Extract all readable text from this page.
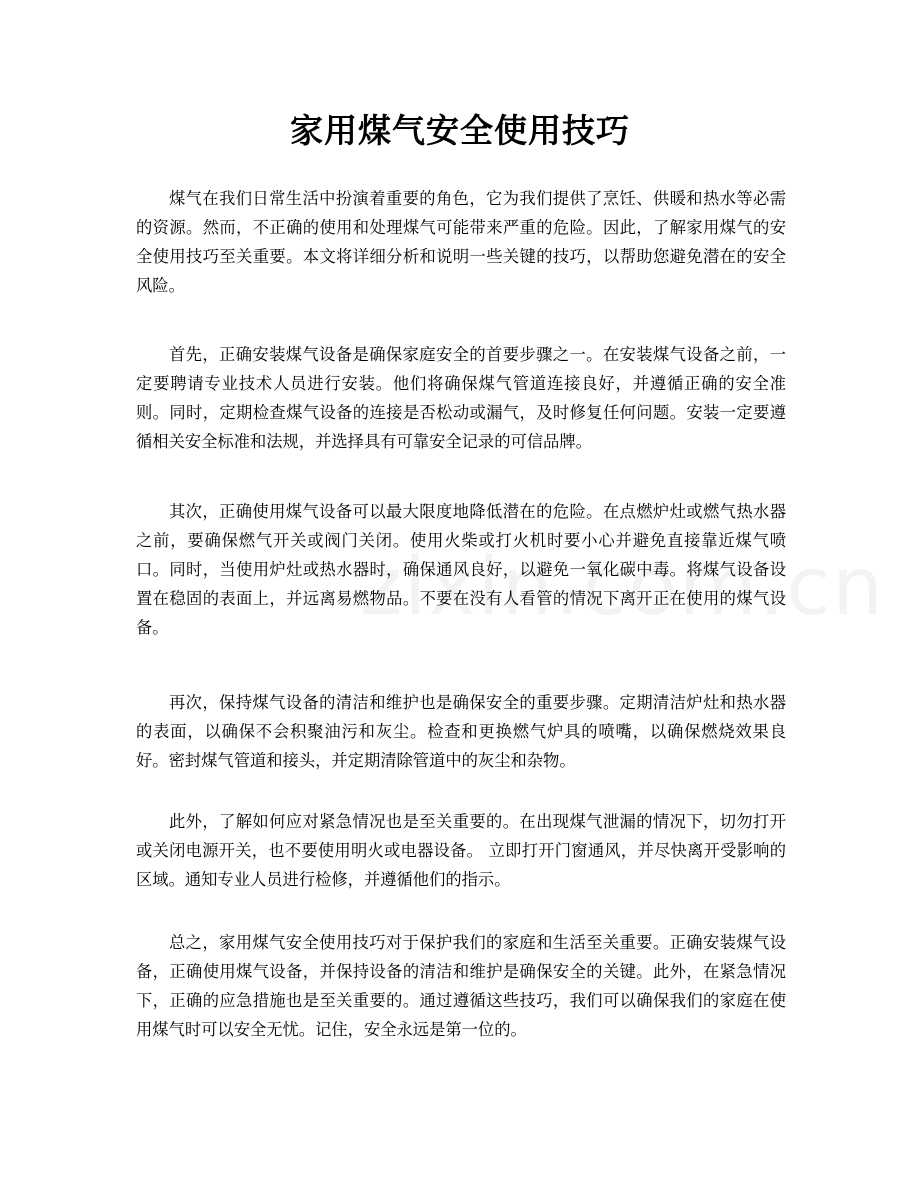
家用煤气安全使用技巧

煤气在我们日常生活中扮演着重要的角色，它为我们提供了烹饪、供暖和热水等必需的资源。然而，不正确的使用和处理煤气可能带来严重的危险。因此，了解家用煤气的安全使用技巧至关重要。本文将详细分析和说明一些关键的技巧，以帮助您避免潜在的安全风险。

首先，正确安装煤气设备是确保家庭安全的首要步骤之一。在安装煤气设备之前，一定要聘请专业技术人员进行安装。他们将确保煤气管道连接良好，并遵循正确的安全准则。同时，定期检查煤气设备的连接是否松动或漏气，及时修复任何问题。安装一定要遵循相关安全标准和法规，并选择具有可靠安全记录的可信品牌。

其次，正确使用煤气设备可以最大限度地降低潜在的危险。在点燃炉灶或燃气热水器之前，要确保燃气开关或阀门关闭。使用火柴或打火机时要小心并避免直接靠近煤气喷口。同时，当使用炉灶或热水器时，确保通风良好，以避免一氧化碳中毒。将煤气设备设置在稳固的表面上，并远离易燃物品。不要在没有人看管的情况下离开正在使用的煤气设备。

再次，保持煤气设备的清洁和维护也是确保安全的重要步骤。定期清洁炉灶和热水器的表面，以确保不会积聚油污和灰尘。检查和更换燃气炉具的喷嘴，以确保燃烧效果良好。密封煤气管道和接头，并定期清除管道中的灰尘和杂物。

此外，了解如何应对紧急情况也是至关重要的。在出现煤气泄漏的情况下，切勿打开或关闭电源开关，也不要使用明火或电器设备。 立即打开门窗通风，并尽快离开受影响的区域。通知专业人员进行检修，并遵循他们的指示。

总之，家用煤气安全使用技巧对于保护我们的家庭和生活至关重要。正确安装煤气设备，正确使用煤气设备，并保持设备的清洁和维护是确保安全的关键。此外，在紧急情况下，正确的应急措施也是至关重要的。通过遵循这些技巧，我们可以确保我们的家庭在使用煤气时可以安全无忧。记住，安全永远是第一位的。
